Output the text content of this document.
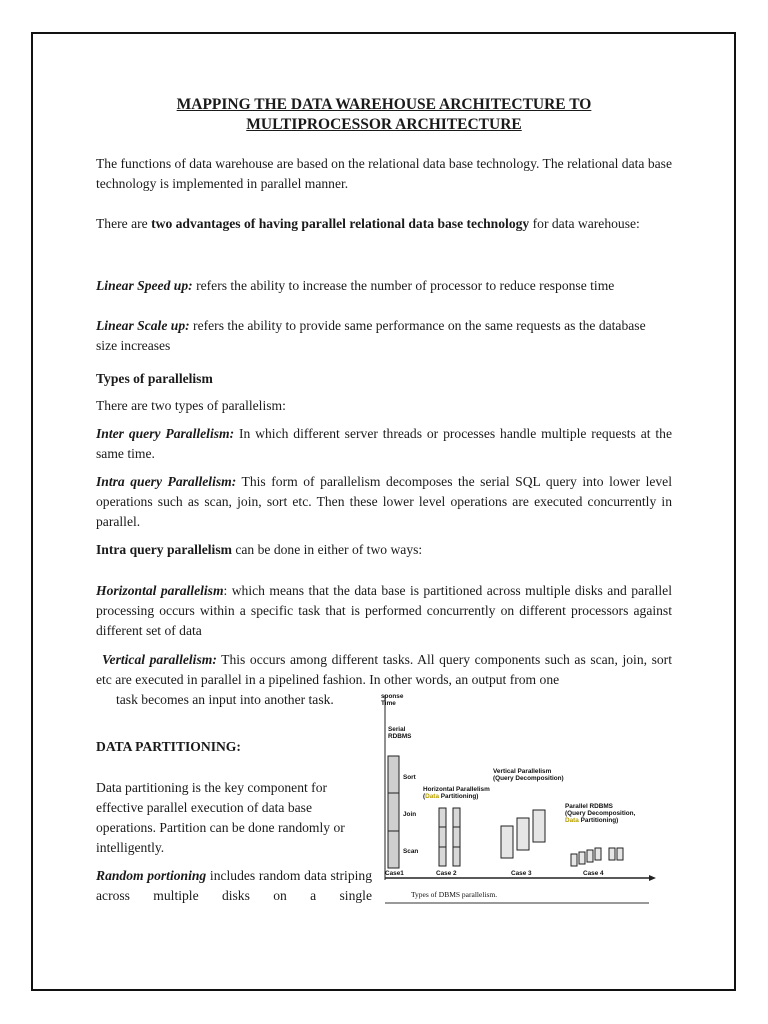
MAPPING THE DATA WAREHOUSE ARCHITECTURE TO
MULTIPROCESSOR ARCHITECTURE

The functions of data warehouse are based on the relational data base technology. The relational data base technology is implemented in parallel manner.

There are two advantages of having parallel relational data base technology for data warehouse:

Linear Speed up: refers the ability to increase the number of processor to reduce response time

Linear Scale up: refers the ability to provide same performance on the same requests as the database size increases

Types of parallelism

There are two types of parallelism:

Inter query Parallelism: In which different server threads or processes handle multiple requests at the same time.

Intra query Parallelism: This form of parallelism decomposes the serial SQL query into lower level operations such as scan, join, sort etc. Then these lower level operations are executed concurrently in parallel.

Intra query parallelism can be done in either of two ways:

Horizontal parallelism: which means that the data base is partitioned across multiple disks and parallel processing occurs within a specific task that is performed concurrently on different processors against different set of data

Vertical parallelism: This occurs among different tasks. All query components such as scan, join, sort etc are executed in parallel in a pipelined fashion. In other words, an output from one

task becomes an input into another task.

DATA PARTITIONING:

Data partitioning is the key component for effective parallel execution of data base operations. Partition can be done randomly or intelligently.

Random portioning includes random data striping across multiple disks on a single

sponse
Time
Serial
RDBMS
Sort
Join
Scan
Horizontal Parallelism
(Data Partitioning)
Vertical Parallelism
(Query Decomposition)
Parallel RDBMS
(Query Decomposition,
Data Partitioning)
Case1	Case 2	Case 3	Case 4
Types of DBMS parallelism.
